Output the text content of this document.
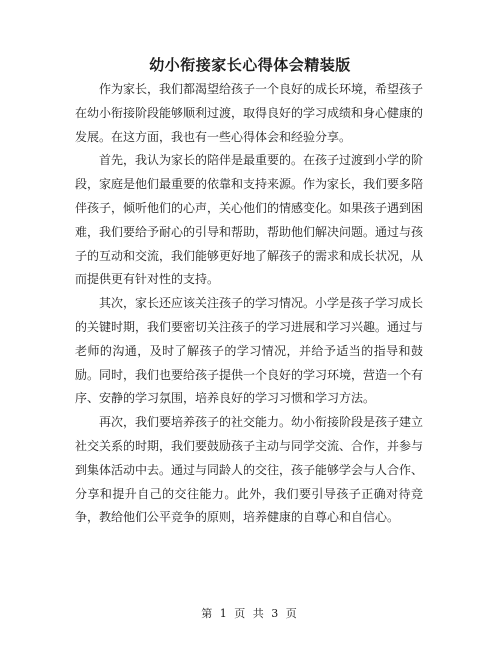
幼小衔接家长心得体会精装版

作为家长，我们都渴望给孩子一个良好的成长环境，希望孩子在幼小衔接阶段能够顺利过渡，取得良好的学习成绩和身心健康的发展。在这方面，我也有一些心得体会和经验分享。

首先，我认为家长的陪伴是最重要的。在孩子过渡到小学的阶段，家庭是他们最重要的依靠和支持来源。作为家长，我们要多陪伴孩子，倾听他们的心声，关心他们的情感变化。如果孩子遇到困难，我们要给予耐心的引导和帮助，帮助他们解决问题。通过与孩子的互动和交流，我们能够更好地了解孩子的需求和成长状况，从而提供更有针对性的支持。

其次，家长还应该关注孩子的学习情况。小学是孩子学习成长的关键时期，我们要密切关注孩子的学习进展和学习兴趣。通过与老师的沟通，及时了解孩子的学习情况，并给予适当的指导和鼓励。同时，我们也要给孩子提供一个良好的学习环境，营造一个有序、安静的学习氛围，培养良好的学习习惯和学习方法。

再次，我们要培养孩子的社交能力。幼小衔接阶段是孩子建立社交关系的时期，我们要鼓励孩子主动与同学交流、合作，并参与到集体活动中去。通过与同龄人的交往，孩子能够学会与人合作、分享和提升自己的交往能力。此外，我们要引导孩子正确对待竞争，教给他们公平竞争的原则，培养健康的自尊心和自信心。

第 1 页 共 3 页
